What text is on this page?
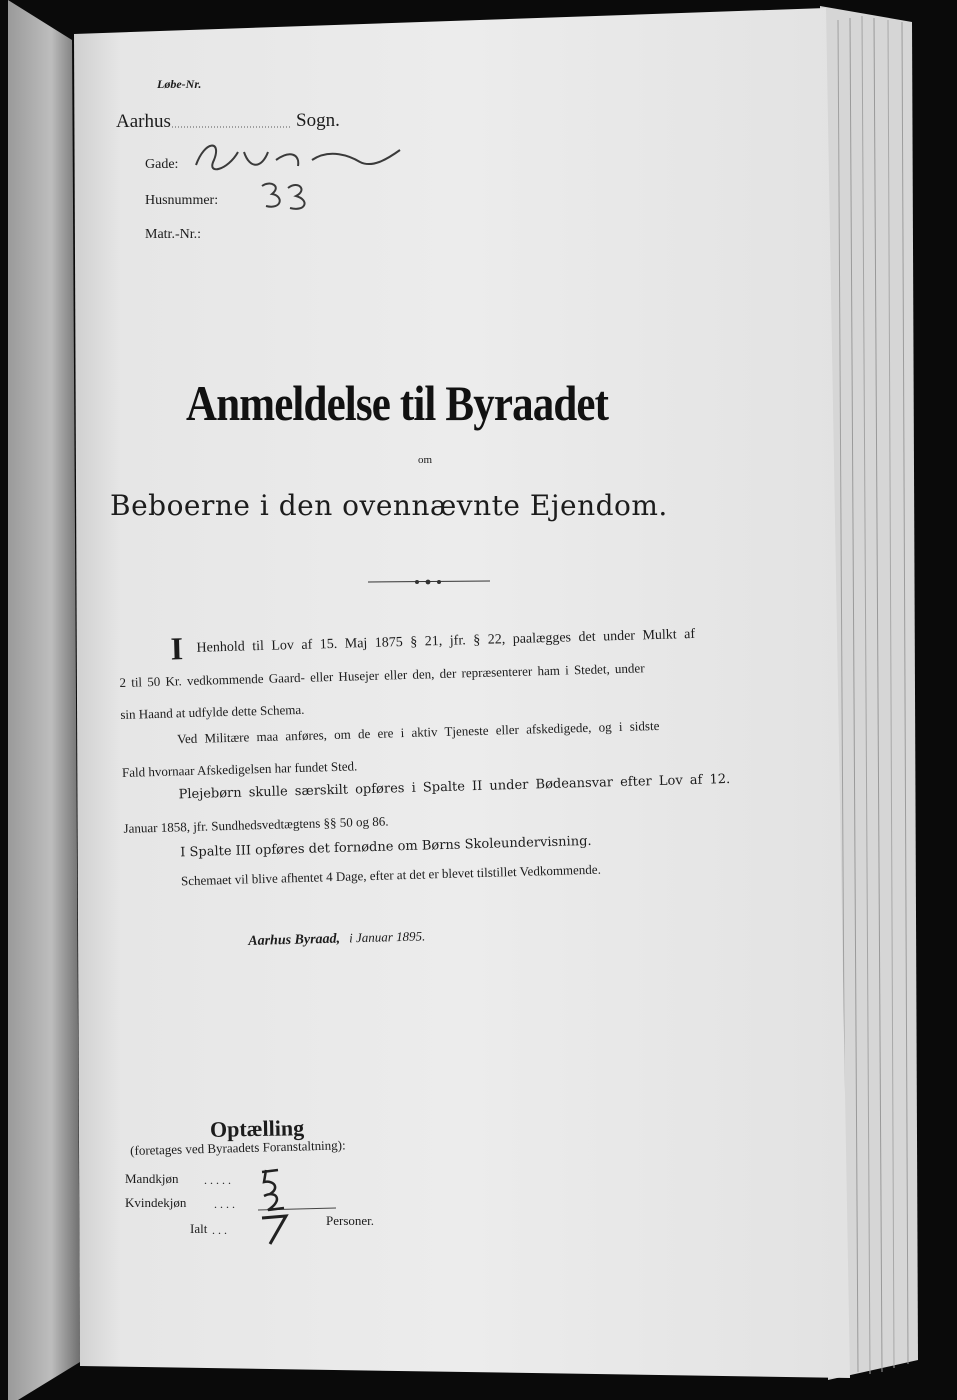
Løbe-Nr.
Aarhus	Sogn.
Gade:
Husnummer:
Matr.-Nr.:
Anmeldelse til Byraadet
om
Beboerne i den ovennævnte Ejendom.
I Henhold til Lov af 15. Maj 1875 § 21, jfr. § 22, paalægges det under Mulkt af
2 til 50 Kr. vedkommende Gaard- eller Husejer eller den, der repræsenterer ham i Stedet, under
sin Haand at udfylde dette Schema.
Ved Militære maa anføres, om de ere i aktiv Tjeneste eller afskedigede, og i sidste
Fald hvornaar Afskedigelsen har fundet Sted.
Plejebørn skulle særskilt opføres i Spalte II under Bødeansvar efter Lov af 12.
Januar 1858, jfr. Sundhedsvedtægtens §§ 50 og 86.
I Spalte III opføres det fornødne om Børns Skoleundervisning.
Schemaet vil blive afhentet 4 Dage, efter at det er blevet tilstillet Vedkommende.
Aarhus Byraad, i Januar 1895.
Optælling
(foretages ved Byraadets Foranstaltning):
Mandkjøn . . . . .
Kvindekjøn . . . .
Ialt . . .
Personer.
